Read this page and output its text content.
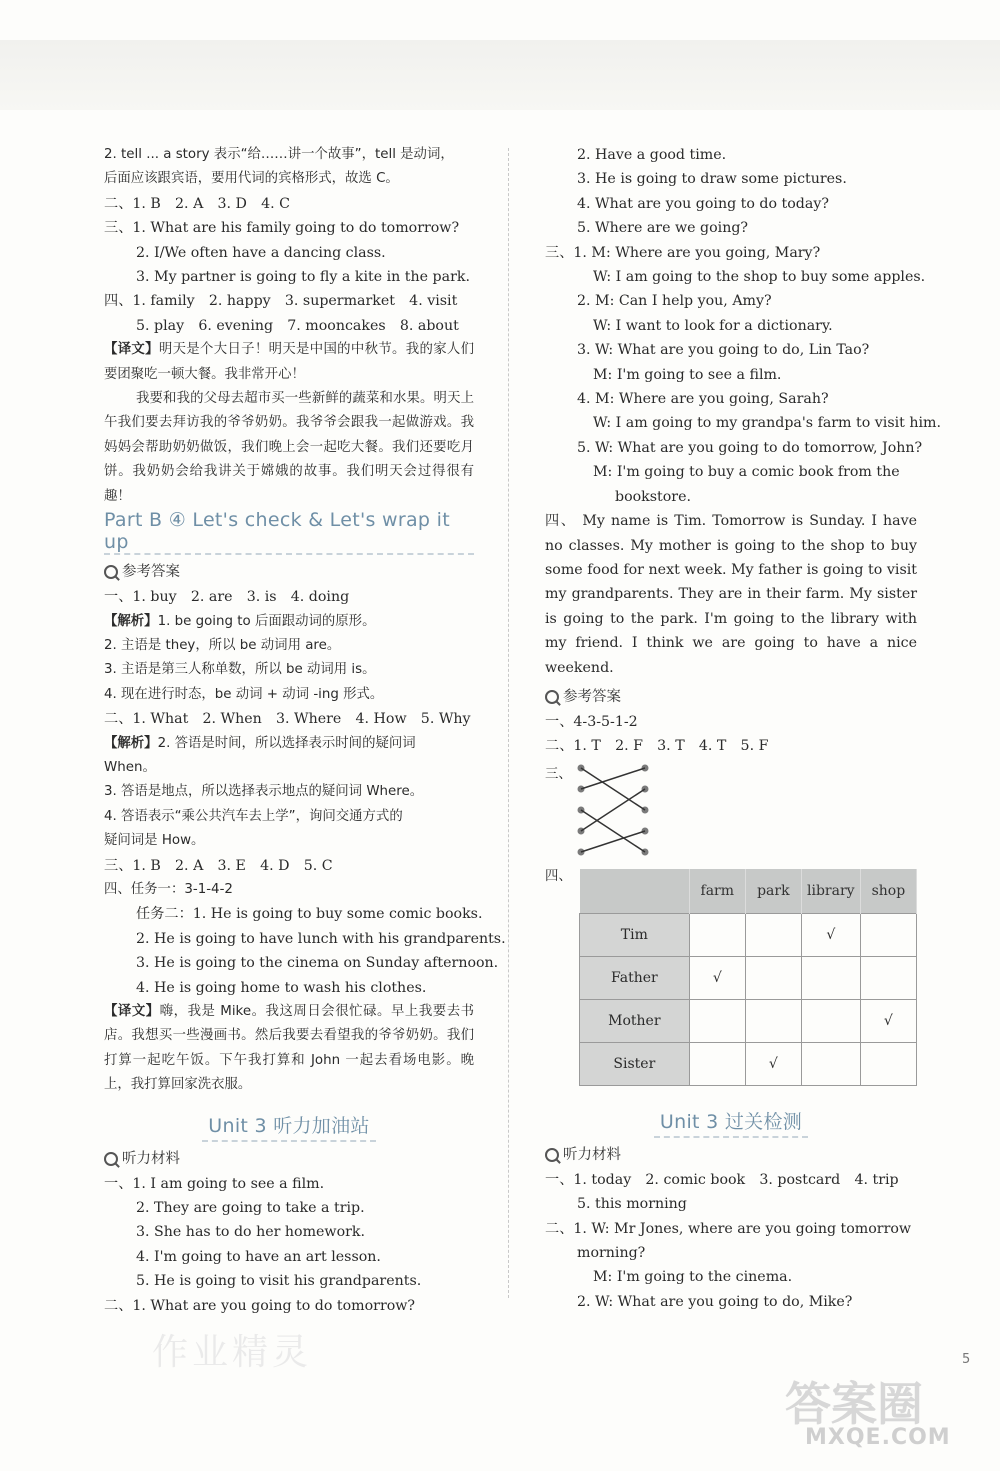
2. tell ... a story 表示“给……讲一个故事”，tell 是动词，
后面应该跟宾语，要用代词的宾格形式，故选 C。
二、1. B　2. A　3. D　4. C
三、1. What are his family going to do tomorrow?
2. I/We often have a dancing class.
3. My partner is going to fly a kite in the park.
四、1. family　2. happy　3. supermarket　4. visit
5. play　6. evening　7. mooncakes　8. about
【译文】明天是个大日子！明天是中国的中秋节。我的家人们要团聚吃一顿大餐。我非常开心！
我要和我的父母去超市买一些新鲜的蔬菜和水果。明天上午我们要去拜访我的爷爷奶奶。我爷爷会跟我一起做游戏。我妈妈会帮助奶奶做饭，我们晚上会一起吃大餐。我们还要吃月饼。我奶奶会给我讲关于嫦娥的故事。我们明天会过得很有趣！
Part B ④ Let's check & Let's wrap it up
参考答案
一、1. buy　2. are　3. is　4. doing
【解析】1. be going to 后面跟动词的原形。
2. 主语是 they，所以 be 动词用 are。
3. 主语是第三人称单数，所以 be 动词用 is。
4. 现在进行时态，be 动词 + 动词 -ing 形式。
二、1. What　2. When　3. Where　4. How　5. Why
【解析】2. 答语是时间，所以选择表示时间的疑问词
When。
3. 答语是地点，所以选择表示地点的疑问词 Where。
4. 答语表示“乘公共汽车去上学”，询问交通方式的
疑问词是 How。
三、1. B　2. A　3. E　4. D　5. C
四、任务一：3-1-4-2
任务二：1. He is going to buy some comic books.
2. He is going to have lunch with his grandparents.
3. He is going to the cinema on Sunday afternoon.
4. He is going home to wash his clothes.
【译文】嗨，我是 Mike。我这周日会很忙碌。早上我要去书店。我想买一些漫画书。然后我要去看望我的爷爷奶奶。我们打算一起吃午饭。下午我打算和 John 一起去看场电影。晚上，我打算回家洗衣服。
Unit 3 听力加油站
听力材料
一、1. I am going to see a film.
2. They are going to take a trip.
3. She has to do her homework.
4. I'm going to have an art lesson.
5. He is going to visit his grandparents.
二、1. What are you going to do tomorrow?
2. Have a good time.
3. He is going to draw some pictures.
4. What are you going to do today?
5. Where are we going?
三、1. M: Where are you going, Mary?
W: I am going to the shop to buy some apples.
2. M: Can I help you, Amy?
W: I want to look for a dictionary.
3. W: What are you going to do, Lin Tao?
M: I'm going to see a film.
4. M: Where are you going, Sarah?
W: I am going to my grandpa's farm to visit him.
5. W: What are you going to do tomorrow, John?
M: I'm going to buy a comic book from the
bookstore.
四、 My name is Tim. Tomorrow is Sunday. I have no classes. My mother is going to the shop to buy some food for next week. My father is going to visit my grandparents. They are in their farm. My sister is going to the park. I'm going to the library with my friend. I think we are going to have a nice weekend.
参考答案
一、4-3-5-1-2
二、1. T　2. F　3. T　4. T　5. F
三、
四、
	farm	park	library	shop
Tim			√	
Father	√			
Mother				√
Sister		√		
Unit 3 过关检测
听力材料
一、1. today　2. comic book　3. postcard　4. trip
5. this morning
二、1. W: Mr Jones, where are you going tomorrow
morning?
M: I'm going to the cinema.
2. W: What are you going to do, Mike?
作业精灵	5
答案圈
MXQE.COM
